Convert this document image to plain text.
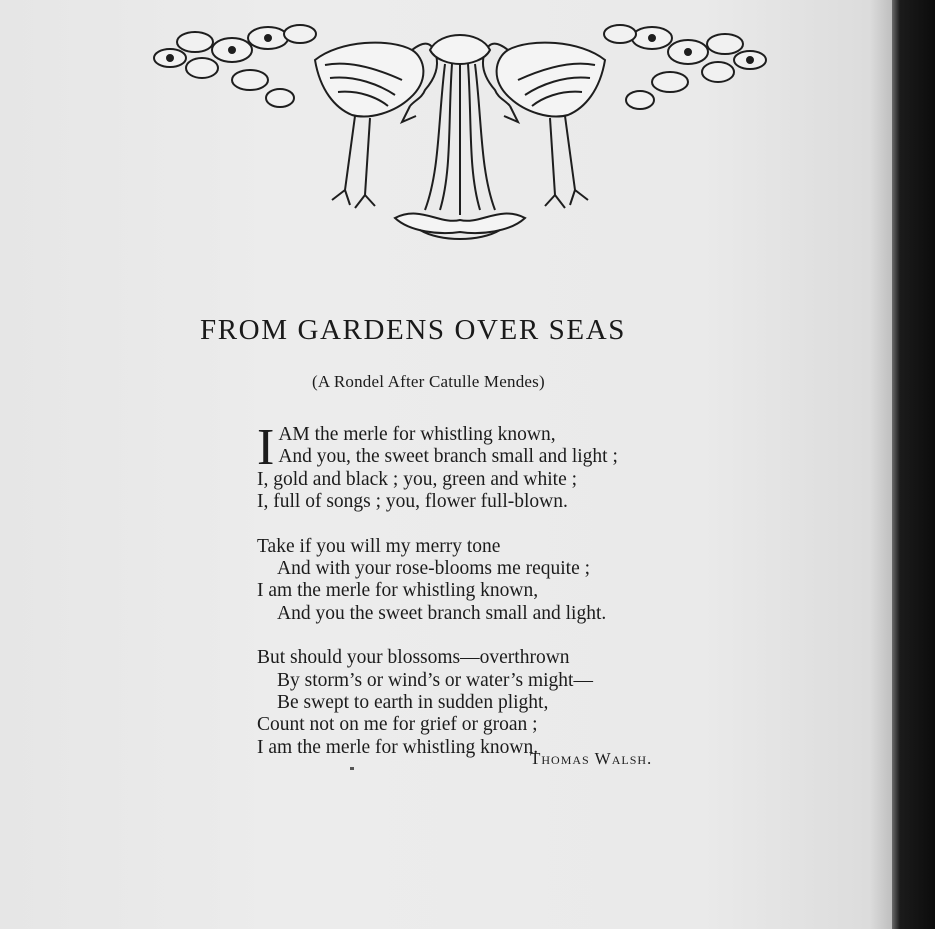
FROM GARDENS OVER SEAS
(A Rondel After Catulle Mendes)
I AM the merle for whistling known,
And you, the sweet branch small and light ;
I, gold and black ; you, green and white ;
I, full of songs ; you, flower full-blown.
Take if you will my merry tone
And with your rose-blooms me requite ;
I am the merle for whistling known,
And you the sweet branch small and light.
But should your blossoms—overthrown
By storm’s or wind’s or water’s might—
Be swept to earth in sudden plight,
Count not on me for grief or groan ;
I am the merle for whistling known.
Thomas Walsh.
